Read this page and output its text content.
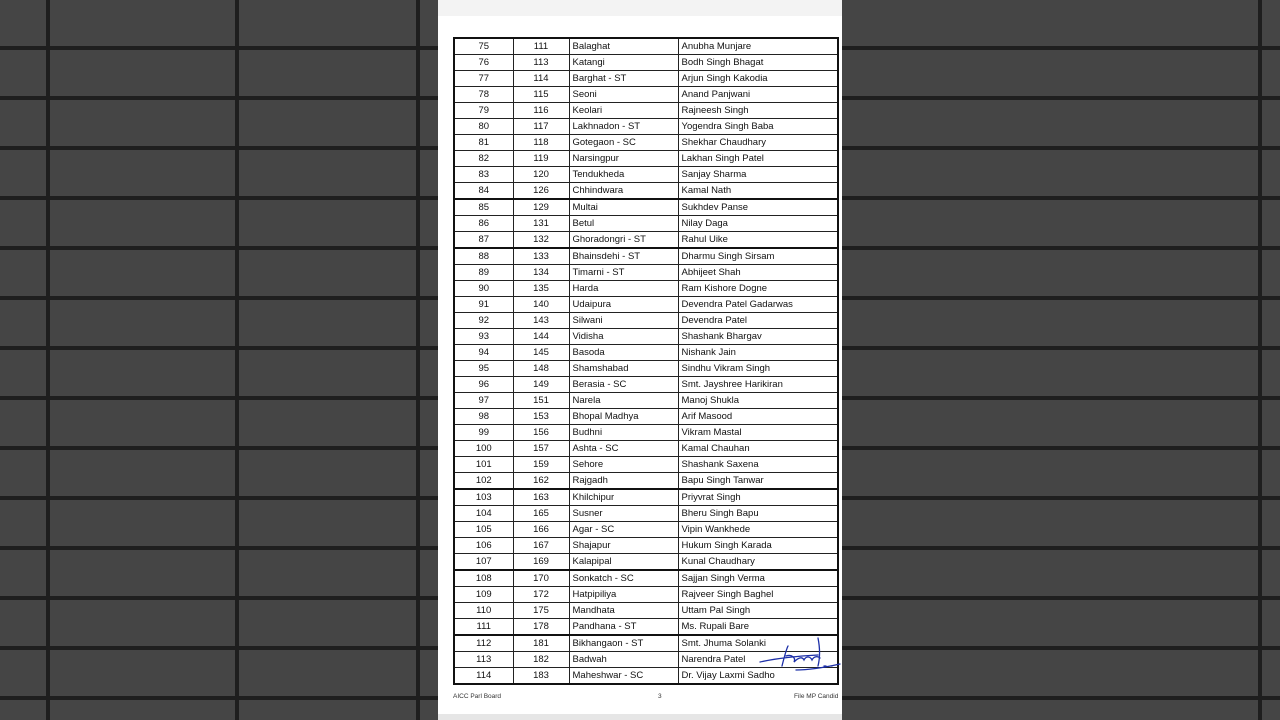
75	111	Balaghat	Anubha Munjare
76	113	Katangi	Bodh Singh Bhagat
77	114	Barghat - ST	Arjun Singh Kakodia
78	115	Seoni	Anand Panjwani
79	116	Keolari	Rajneesh Singh
80	117	Lakhnadon - ST	Yogendra Singh Baba
81	118	Gotegaon - SC	Shekhar Chaudhary
82	119	Narsingpur	Lakhan Singh Patel
83	120	Tendukheda	Sanjay Sharma
84	126	Chhindwara	Kamal Nath
85	129	Multai	Sukhdev Panse
86	131	Betul	Nilay Daga
87	132	Ghoradongri - ST	Rahul Uike
88	133	Bhainsdehi - ST	Dharmu Singh Sirsam
89	134	Timarni - ST	Abhijeet Shah
90	135	Harda	Ram Kishore Dogne
91	140	Udaipura	Devendra Patel Gadarwas
92	143	Silwani	Devendra Patel
93	144	Vidisha	Shashank Bhargav
94	145	Basoda	Nishank Jain
95	148	Shamshabad	Sindhu Vikram Singh
96	149	Berasia - SC	Smt. Jayshree Harikiran
97	151	Narela	Manoj Shukla
98	153	Bhopal Madhya	Arif Masood
99	156	Budhni	Vikram Mastal
100	157	Ashta - SC	Kamal Chauhan
101	159	Sehore	Shashank Saxena
102	162	Rajgadh	Bapu Singh Tanwar
103	163	Khilchipur	Priyvrat Singh
104	165	Susner	Bheru Singh Bapu
105	166	Agar - SC	Vipin Wankhede
106	167	Shajapur	Hukum Singh Karada
107	169	Kalapipal	Kunal Chaudhary
108	170	Sonkatch - SC	Sajjan Singh Verma
109	172	Hatpipiliya	Rajveer Singh Baghel
110	175	Mandhata	Uttam Pal Singh
111	178	Pandhana - ST	Ms. Rupali Bare
112	181	Bikhangaon - ST	Smt. Jhuma Solanki
113	182	Badwah	Narendra Patel
114	183	Maheshwar - SC	Dr. Vijay Laxmi Sadho
AICC Parl Board	3	File MP Candid
